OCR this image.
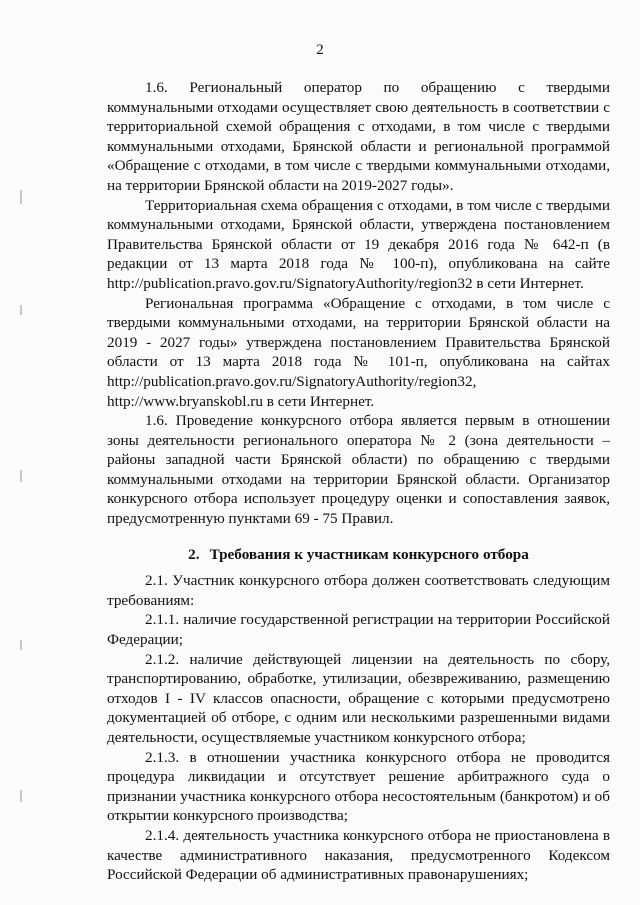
2

1.6. Региональный оператор по обращению с твердыми коммунальными отходами осуществляет свою деятельность в соответствии с территориальной схемой обращения с отходами, в том числе с твердыми коммунальными отходами, Брянской области и региональной программой «Обращение с отходами, в том числе с твердыми коммунальными отходами, на территории Брянской области на 2019-2027 годы».

Территориальная схема обращения с отходами, в том числе с твердыми коммунальными отходами, Брянской области, утверждена постановлением Правительства Брянской области от 19 декабря 2016 года № 642-п (в редакции от 13 марта 2018 года № 100-п), опубликована на сайте http://publication.pravo.gov.ru/SignatoryAuthority/region32 в сети Интернет.

Региональная программа «Обращение с отходами, в том числе с твердыми коммунальными отходами, на территории Брянской области на 2019 - 2027 годы» утверждена постановлением Правительства Брянской области от 13 марта 2018 года № 101-п, опубликована на сайтах http://publication.pravo.gov.ru/SignatoryAuthority/region32,

http://www.bryanskobl.ru в сети Интернет.

1.6. Проведение конкурсного отбора является первым в отношении зоны деятельности регионального оператора № 2 (зона деятельности – районы западной части Брянской области) по обращению с твердыми коммунальными отходами на территории Брянской области. Организатор конкурсного отбора использует процедуру оценки и сопоставления заявок, предусмотренную пунктами 69 - 75 Правил.

2. Требования к участникам конкурсного отбора

2.1. Участник конкурсного отбора должен соответствовать следующим требованиям:

2.1.1. наличие государственной регистрации на территории Российской Федерации;

2.1.2. наличие действующей лицензии на деятельность по сбору, транспортированию, обработке, утилизации, обезвреживанию, размещению отходов I - IV классов опасности, обращение с которыми предусмотрено документацией об отборе, с одним или несколькими разрешенными видами деятельности, осуществляемые участником конкурсного отбора;

2.1.3. в отношении участника конкурсного отбора не проводится процедура ликвидации и отсутствует решение арбитражного суда о признании участника конкурсного отбора несостоятельным (банкротом) и об открытии конкурсного производства;

2.1.4. деятельность участника конкурсного отбора не приостановлена в качестве административного наказания, предусмотренного Кодексом Российской Федерации об административных правонарушениях;
